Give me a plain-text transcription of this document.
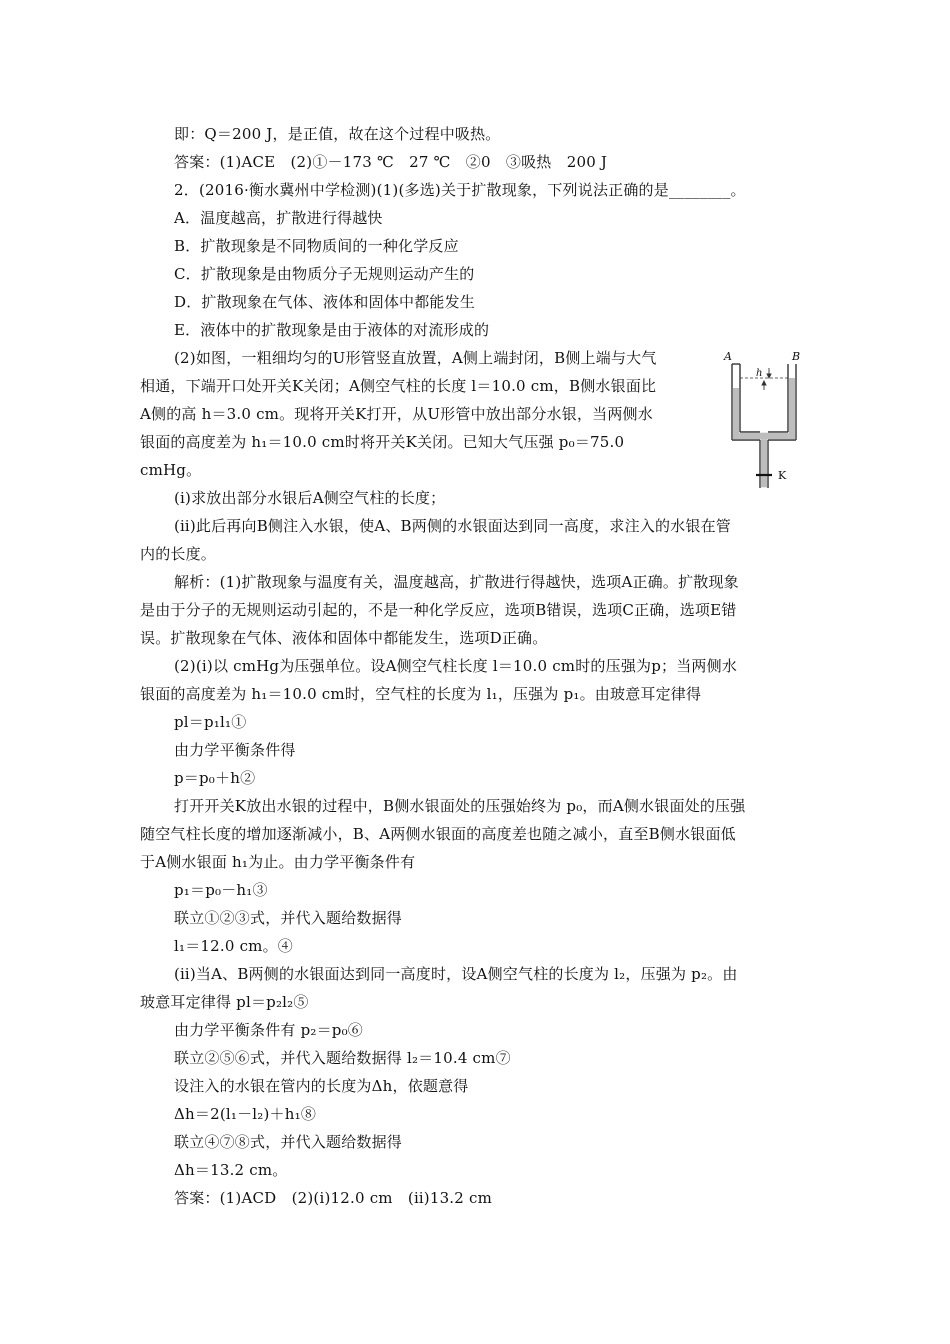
即：Q＝200 J，是正值，故在这个过程中吸热。
答案：(1)ACE　(2)①－173 ℃　27 ℃　②0　③吸热　200 J
2．(2016·衡水冀州中学检测)(1)(多选)关于扩散现象，下列说法正确的是________。
A．温度越高，扩散进行得越快
B．扩散现象是不同物质间的一种化学反应
C．扩散现象是由物质分子无规则运动产生的
D．扩散现象在气体、液体和固体中都能发生
E．液体中的扩散现象是由于液体的对流形成的
(2)如图，一粗细均匀的U形管竖直放置，A侧上端封闭，B侧上端与大气
相通，下端开口处开关K关闭；A侧空气柱的长度 l＝10.0 cm，B侧水银面比
A侧的高 h＝3.0 cm。现将开关K打开，从U形管中放出部分水银，当两侧水
银面的高度差为 h₁＝10.0 cm时将开关K关闭。已知大气压强 p₀＝75.0
cmHg。
(ⅰ)求放出部分水银后A侧空气柱的长度；
(ⅱ)此后再向B侧注入水银，使A、B两侧的水银面达到同一高度，求注入的水银在管
内的长度。
解析：(1)扩散现象与温度有关，温度越高，扩散进行得越快，选项A正确。扩散现象
是由于分子的无规则运动引起的，不是一种化学反应，选项B错误，选项C正确，选项E错
误。扩散现象在气体、液体和固体中都能发生，选项D正确。
(2)(ⅰ)以 cmHg为压强单位。设A侧空气柱长度 l＝10.0 cm时的压强为p；当两侧水
银面的高度差为 h₁＝10.0 cm时，空气柱的长度为 l₁，压强为 p₁。由玻意耳定律得
pl＝p₁l₁①
由力学平衡条件得
p＝p₀＋h②
打开开关K放出水银的过程中，B侧水银面处的压强始终为 p₀，而A侧水银面处的压强
随空气柱长度的增加逐渐减小，B、A两侧水银面的高度差也随之减小，直至B侧水银面低
于A侧水银面 h₁为止。由力学平衡条件有
p₁＝p₀－h₁③
联立①②③式，并代入题给数据得
l₁＝12.0 cm。④
(ⅱ)当A、B两侧的水银面达到同一高度时，设A侧空气柱的长度为 l₂，压强为 p₂。由
玻意耳定律得 pl＝p₂l₂⑤
由力学平衡条件有 p₂＝p₀⑥
联立②⑤⑥式，并代入题给数据得 l₂＝10.4 cm⑦
设注入的水银在管内的长度为Δh，依题意得
Δh＝2(l₁－l₂)＋h₁⑧
联立④⑦⑧式，并代入题给数据得
Δh＝13.2 cm。
答案：(1)ACD　(2)(ⅰ)12.0 cm　(ⅱ)13.2 cm
A	B
h
K
